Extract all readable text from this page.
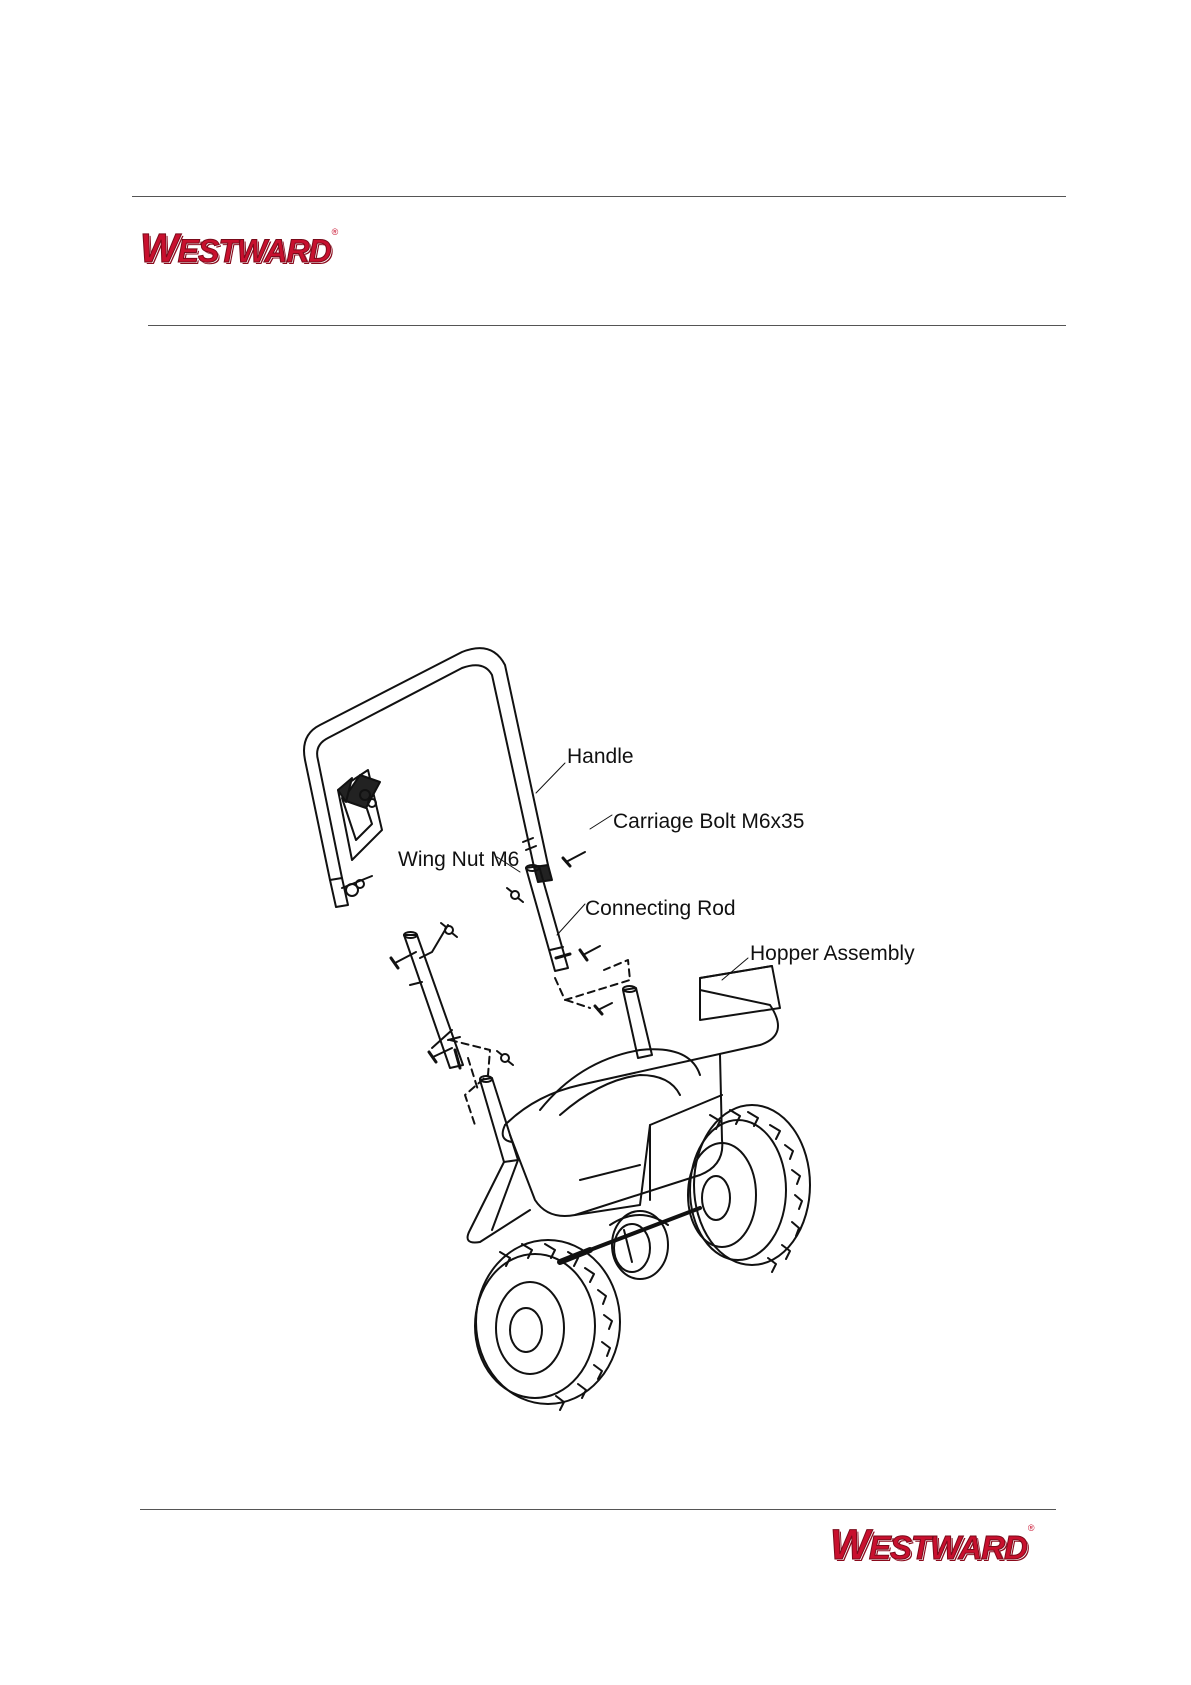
WESTWARD®
Handle
Carriage Bolt M6x35
Wing Nut M6
Connecting Rod
Hopper Assembly
WESTWARD®
